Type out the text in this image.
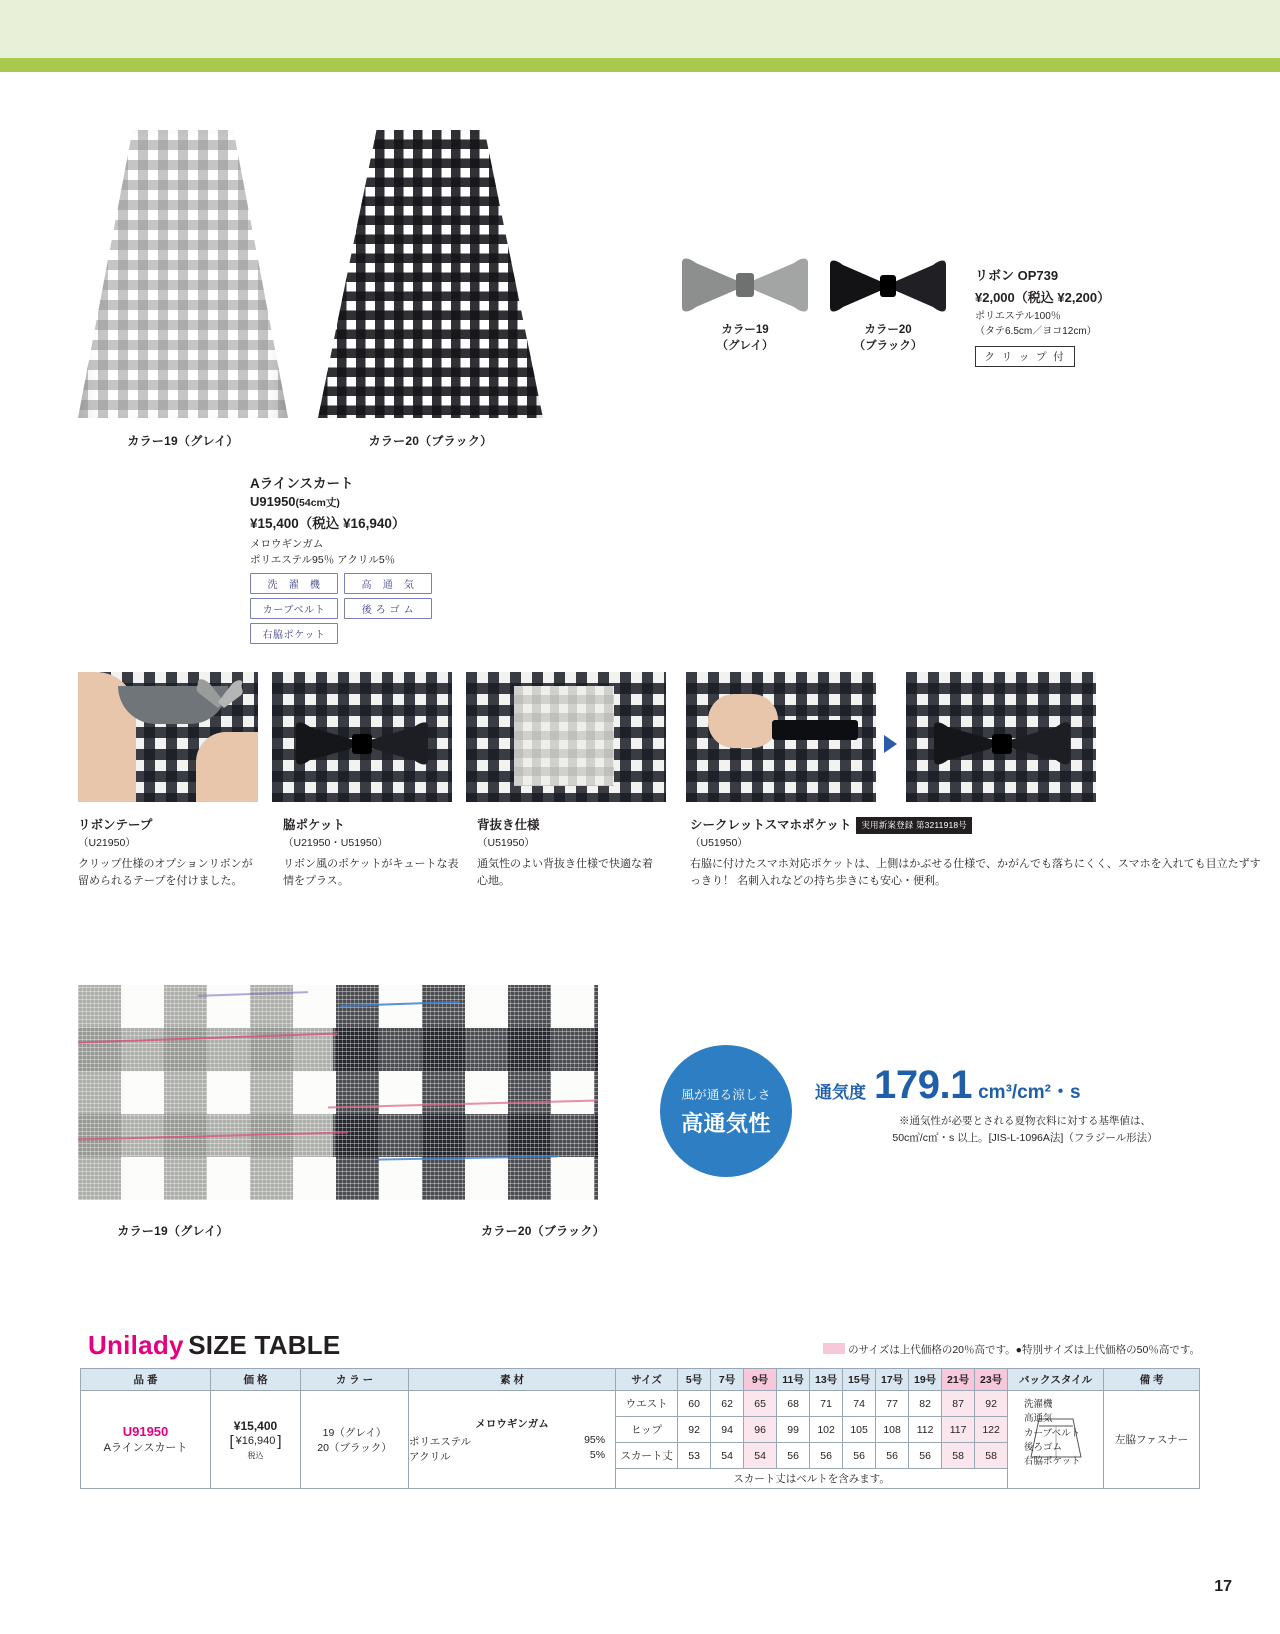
カラー19（グレイ）	カラー20（ブラック）
カラー19
（グレイ）
カラー20
（ブラック）

リボン OP739

¥2,000（税込 ¥2,200）

ポリエステル100％

（タテ6.5cm／ヨコ12cm）

ク リ ッ プ 付

Aラインスカート

U91950(54cm丈)

¥15,400（税込 ¥16,940）

メロウギンガム

ポリエステル95％ アクリル5％

洗　濯　機	高　通　気
カーブベルト	後 ろ ゴ ム
右脇ポケット
リボンテープ

（U21950）

クリップ仕様のオプションリボンが留められるテープを付けました。

脇ポケット

（U21950・U51950）

リボン風のポケットがキュートな表情をプラス。

背抜き仕様

（U51950）

通気性のよい背抜き仕様で快適な着心地。

シークレットスマホポケット	実用新案登録 第3211918号

（U51950）

右脇に付けたスマホ対応ポケットは、上側はかぶせる仕様で、かがんでも落ちにくく、スマホを入れても目立たずすっきり！ 名刺入れなどの持ち歩きにも安心・便利。

カラー19（グレイ）	カラー20（ブラック）
風が通る涼しさ
高通気性
通気度 179.1 cm³/cm²・s
※通気性が必要とされる夏物衣料に対する基準値は、
50c㎥/c㎡・s 以上。[JIS-L-1096A法]（フラジール形法）
Unilady SIZE TABLE	のサイズは上代価格の20％高です。●特別サイズは上代価格の50％高です。
品 番	価 格	カ ラ ー	素 材	サイズ	5号	7号	9号	11号	13号	15号	17号	19号	21号	23号	バックスタイル	備 考

U91950
Aラインスカート

¥15,400
[ ¥16,940 ]
税込

19（グレイ）
20（ブラック）

メロウギンガム
ポリエステル	95%
アクリル	5%
	ウエスト	60	62	65	68	71	74	77	82	87	92		左脇ファスナー
				ヒップ	92	94	96	99	102	105	108	112	117	122		
				スカート丈	53	54	54	56	56	56	56	56	58	58		
				スカート丈はベルトを含みます。												
洗濯機
高通気
カーブベルト
後ろゴム
右脇ポケット
17
